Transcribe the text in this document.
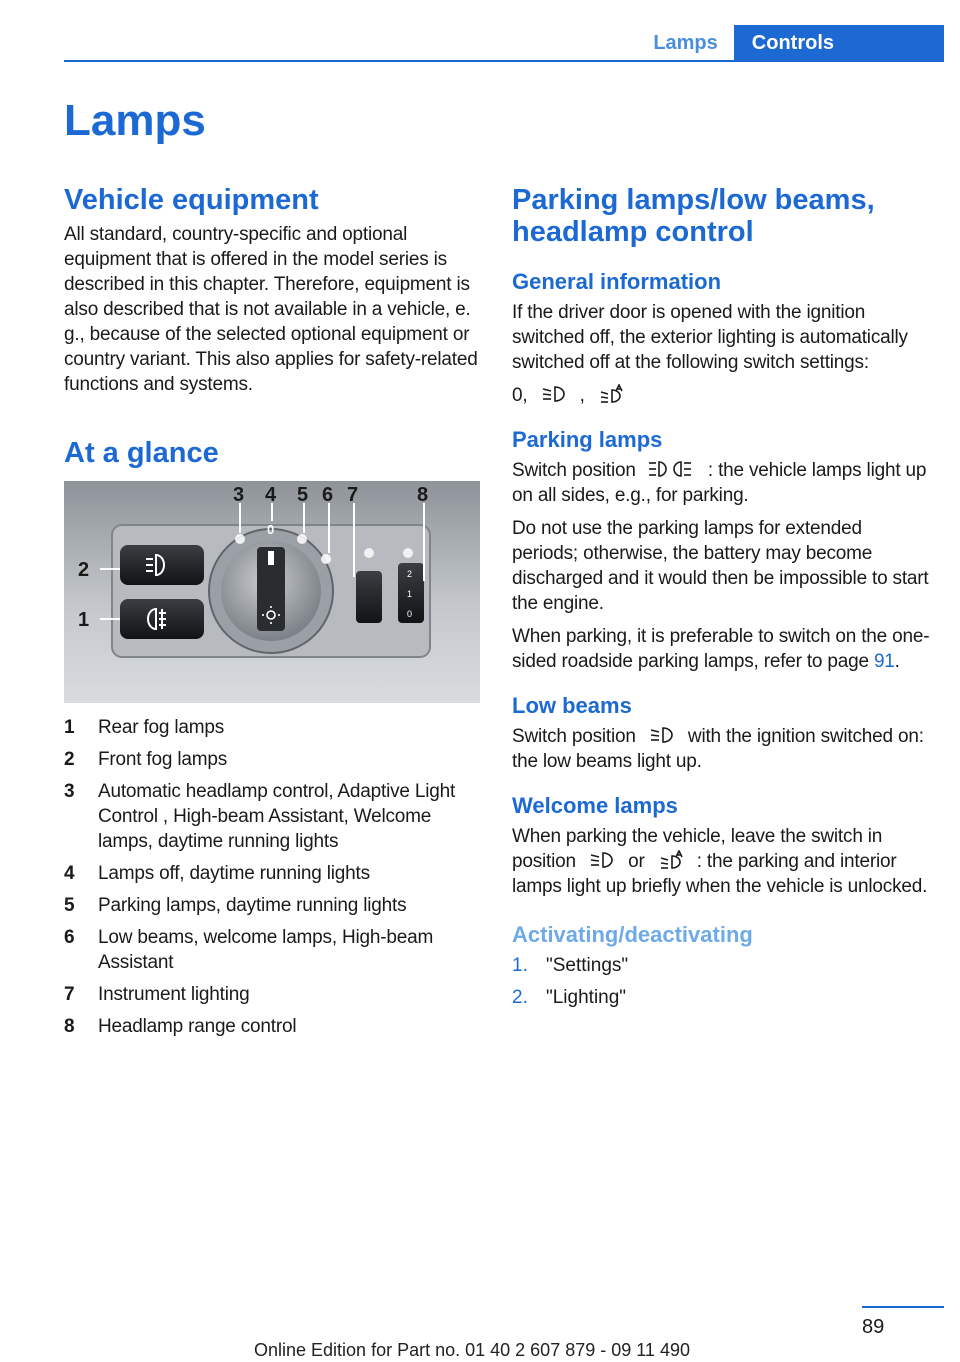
Lamps	Controls
Lamps
Vehicle equipment

All standard, country-specific and optional equipment that is offered in the model series is described in this chapter. Therefore, equipment is also described that is not available in a vehicle, e. g., because of the selected optional equipment or country variant. This also applies for safety-related functions and systems.

At a glance
0
2
1
0
3 4 5 6 7	8
2
1
1	Rear fog lamps
2	Front fog lamps
3	Automatic headlamp control, Adaptive Light Control , High-beam Assistant, Welcome lamps, daytime running lights
4	Lamps off, daytime running lights
5	Parking lamps, daytime running lights
6	Low beams, welcome lamps, High-beam Assistant
7	Instrument lighting
8	Headlamp range control
Parking lamps/low beams, headlamp control
General information

If the driver door is opened with the ignition switched off, the exterior lighting is automatically switched off at the following switch settings:

0,	,

Parking lamps

Switch position	: the vehicle lamps light up on all sides, e.g., for parking.

Do not use the parking lamps for extended periods; otherwise, the battery may become discharged and it would then be impossible to start the engine.

When parking, it is preferable to switch on the one-sided roadside parking lamps, refer to page 91.

Low beams

Switch position	with the ignition switched on: the low beams light up.

Welcome lamps

When parking the vehicle, leave the switch in position	or	: the parking and interior lamps light up briefly when the vehicle is unlocked.

Activating/deactivating
1. "Settings"
2. "Lighting"
89
Online Edition for Part no. 01 40 2 607 879 - 09 11 490
